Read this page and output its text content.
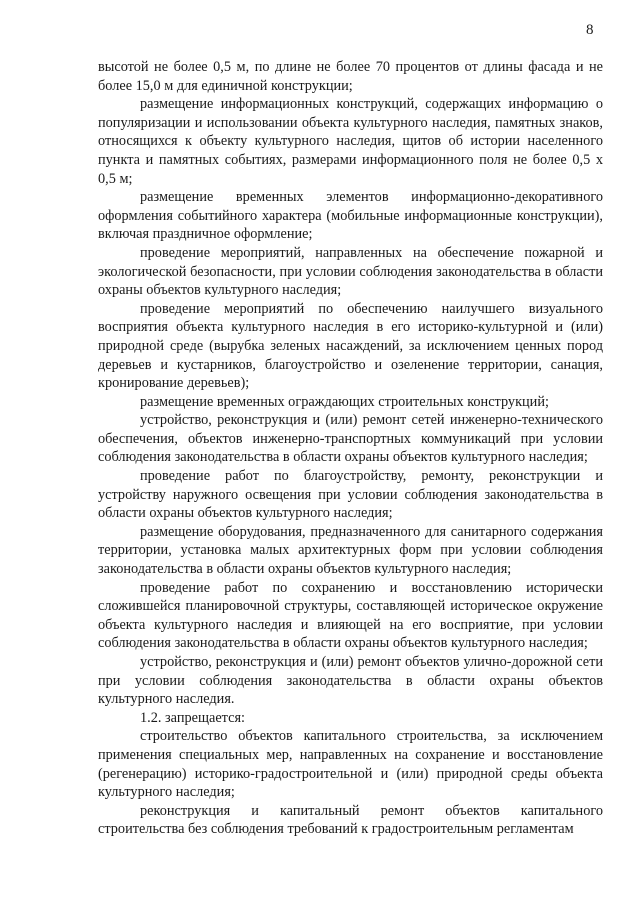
8

высотой не более 0,5 м, по длине не более 70 процентов от длины фасада и не более 15,0 м для единичной конструкции;

размещение информационных конструкций, содержащих информацию о популяризации и использовании объекта культурного наследия, памятных знаков, относящихся к объекту культурного наследия, щитов об истории населенного пункта и памятных событиях, размерами информационного поля не более 0,5 х 0,5 м;

размещение временных элементов информационно-декоративного оформления событийного характера (мобильные информационные конструкции), включая праздничное оформление;

проведение мероприятий, направленных на обеспечение пожарной и экологической безопасности, при условии соблюдения законодательства в области охраны объектов культурного наследия;

проведение мероприятий по обеспечению наилучшего визуального восприятия объекта культурного наследия в его историко-культурной и (или) природной среде (вырубка зеленых насаждений, за исключением ценных пород деревьев и кустарников, благоустройство и озеленение территории, санация, кронирование деревьев);

размещение временных ограждающих строительных конструкций;

устройство, реконструкция и (или) ремонт сетей инженерно-технического обеспечения, объектов инженерно-транспортных коммуникаций при условии соблюдения законодательства в области охраны объектов культурного наследия;

проведение работ по благоустройству, ремонту, реконструкции и устройству наружного освещения при условии соблюдения законодательства в области охраны объектов культурного наследия;

размещение оборудования, предназначенного для санитарного содержания территории, установка малых архитектурных форм при условии соблюдения законодательства в области охраны объектов культурного наследия;

проведение работ по сохранению и восстановлению исторически сложившейся планировочной структуры, составляющей историческое окружение объекта культурного наследия и влияющей на его восприятие, при условии соблюдения законодательства в области охраны объектов культурного наследия;

устройство, реконструкция и (или) ремонт объектов улично-дорожной сети при условии соблюдения законодательства в области охраны объектов культурного наследия.

1.2. запрещается:

строительство объектов капитального строительства, за исключением применения специальных мер, направленных на сохранение и восстановление (регенерацию) историко-градостроительной и (или) природной среды объекта культурного наследия;

реконструкция и капитальный ремонт объектов капитального строительства без соблюдения требований к градостроительным регламентам
